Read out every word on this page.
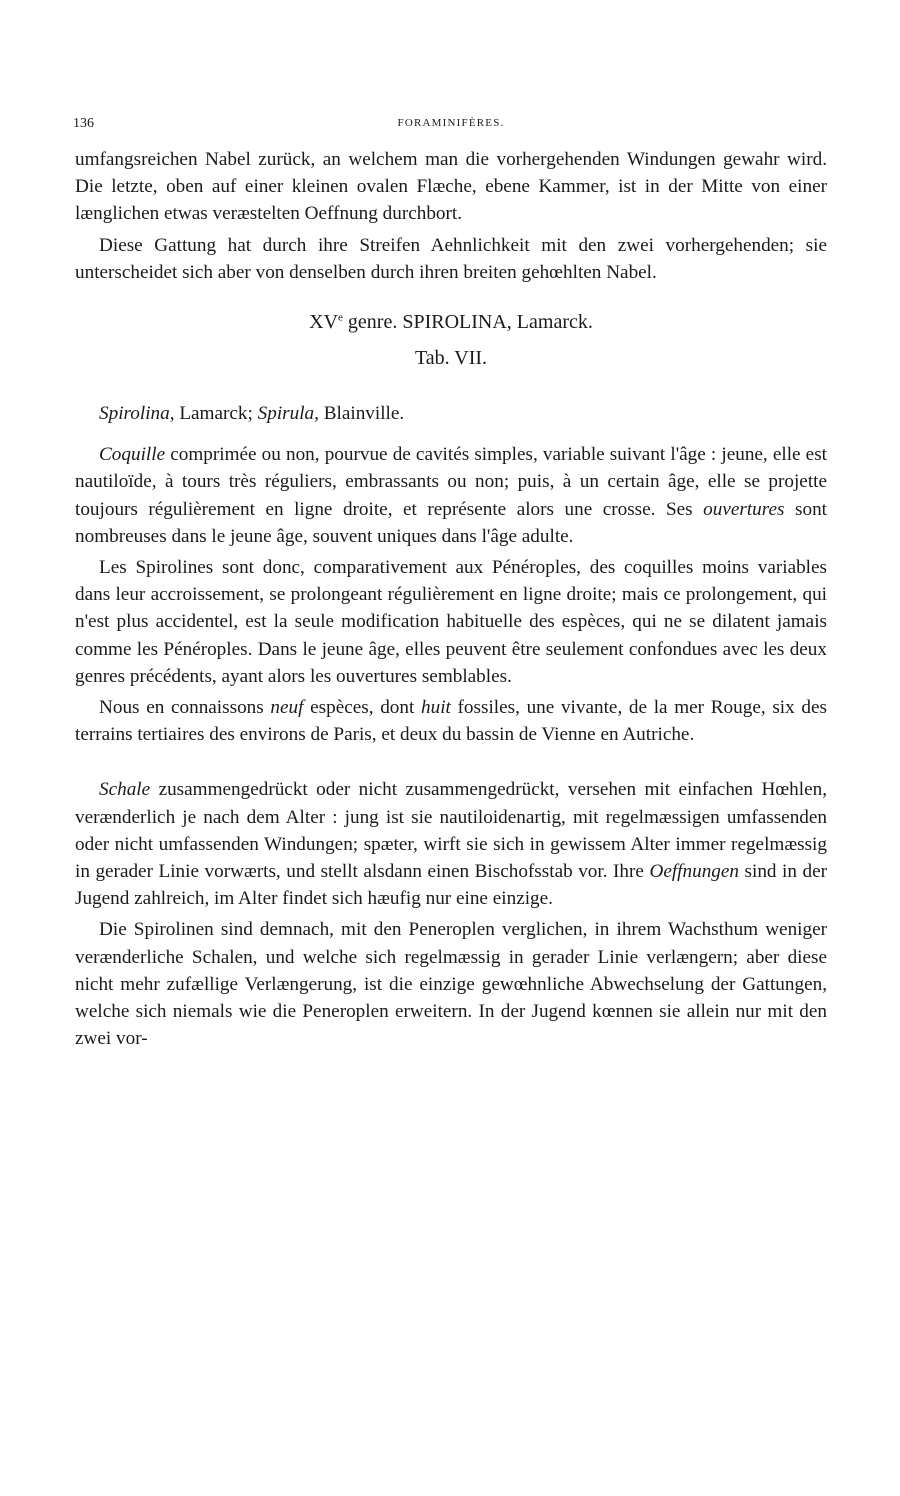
136	FORAMINIFÈRES.

umfangsreichen Nabel zurück, an welchem man die vorhergehenden Windungen gewahr wird. Die letzte, oben auf einer kleinen ovalen Flæche, ebene Kammer, ist in der Mitte von einer længlichen etwas veræstelten Oeffnung durchbort.

Diese Gattung hat durch ihre Streifen Aehnlichkeit mit den zwei vorhergehenden; sie unterscheidet sich aber von denselben durch ihren breiten gehœhlten Nabel.

XVe genre. SPIROLINA, Lamarck.

Tab. VII.

Spirolina, Lamarck; Spirula, Blainville.

Coquille comprimée ou non, pourvue de cavités simples, variable suivant l'âge : jeune, elle est nautiloïde, à tours très réguliers, embrassants ou non; puis, à un certain âge, elle se projette toujours régulièrement en ligne droite, et représente alors une crosse. Ses ouvertures sont nombreuses dans le jeune âge, souvent uniques dans l'âge adulte.

Les Spirolines sont donc, comparativement aux Pénéroples, des coquilles moins variables dans leur accroissement, se prolongeant régulièrement en ligne droite; mais ce prolongement, qui n'est plus accidentel, est la seule modification habituelle des espèces, qui ne se dilatent jamais comme les Pénéroples. Dans le jeune âge, elles peuvent être seulement confondues avec les deux genres précédents, ayant alors les ouvertures semblables.

Nous en connaissons neuf espèces, dont huit fossiles, une vivante, de la mer Rouge, six des terrains tertiaires des environs de Paris, et deux du bassin de Vienne en Autriche.

Schale zusammengedrückt oder nicht zusammengedrückt, versehen mit einfachen Hœhlen, verænderlich je nach dem Alter : jung ist sie nautiloidenartig, mit regelmæssigen umfassenden oder nicht umfassenden Windungen; spæter, wirft sie sich in gewissem Alter immer regelmæssig in gerader Linie vorwærts, und stellt alsdann einen Bischofsstab vor. Ihre Oeffnungen sind in der Jugend zahlreich, im Alter findet sich hæufig nur eine einzige.

Die Spirolinen sind demnach, mit den Peneroplen verglichen, in ihrem Wachsthum weniger verænderliche Schalen, und welche sich regelmæssig in gerader Linie verlængern; aber diese nicht mehr zufællige Verlængerung, ist die einzige gewœhnliche Abwechselung der Gattungen, welche sich niemals wie die Peneroplen erweitern. In der Jugend kœnnen sie allein nur mit den zwei vor-
